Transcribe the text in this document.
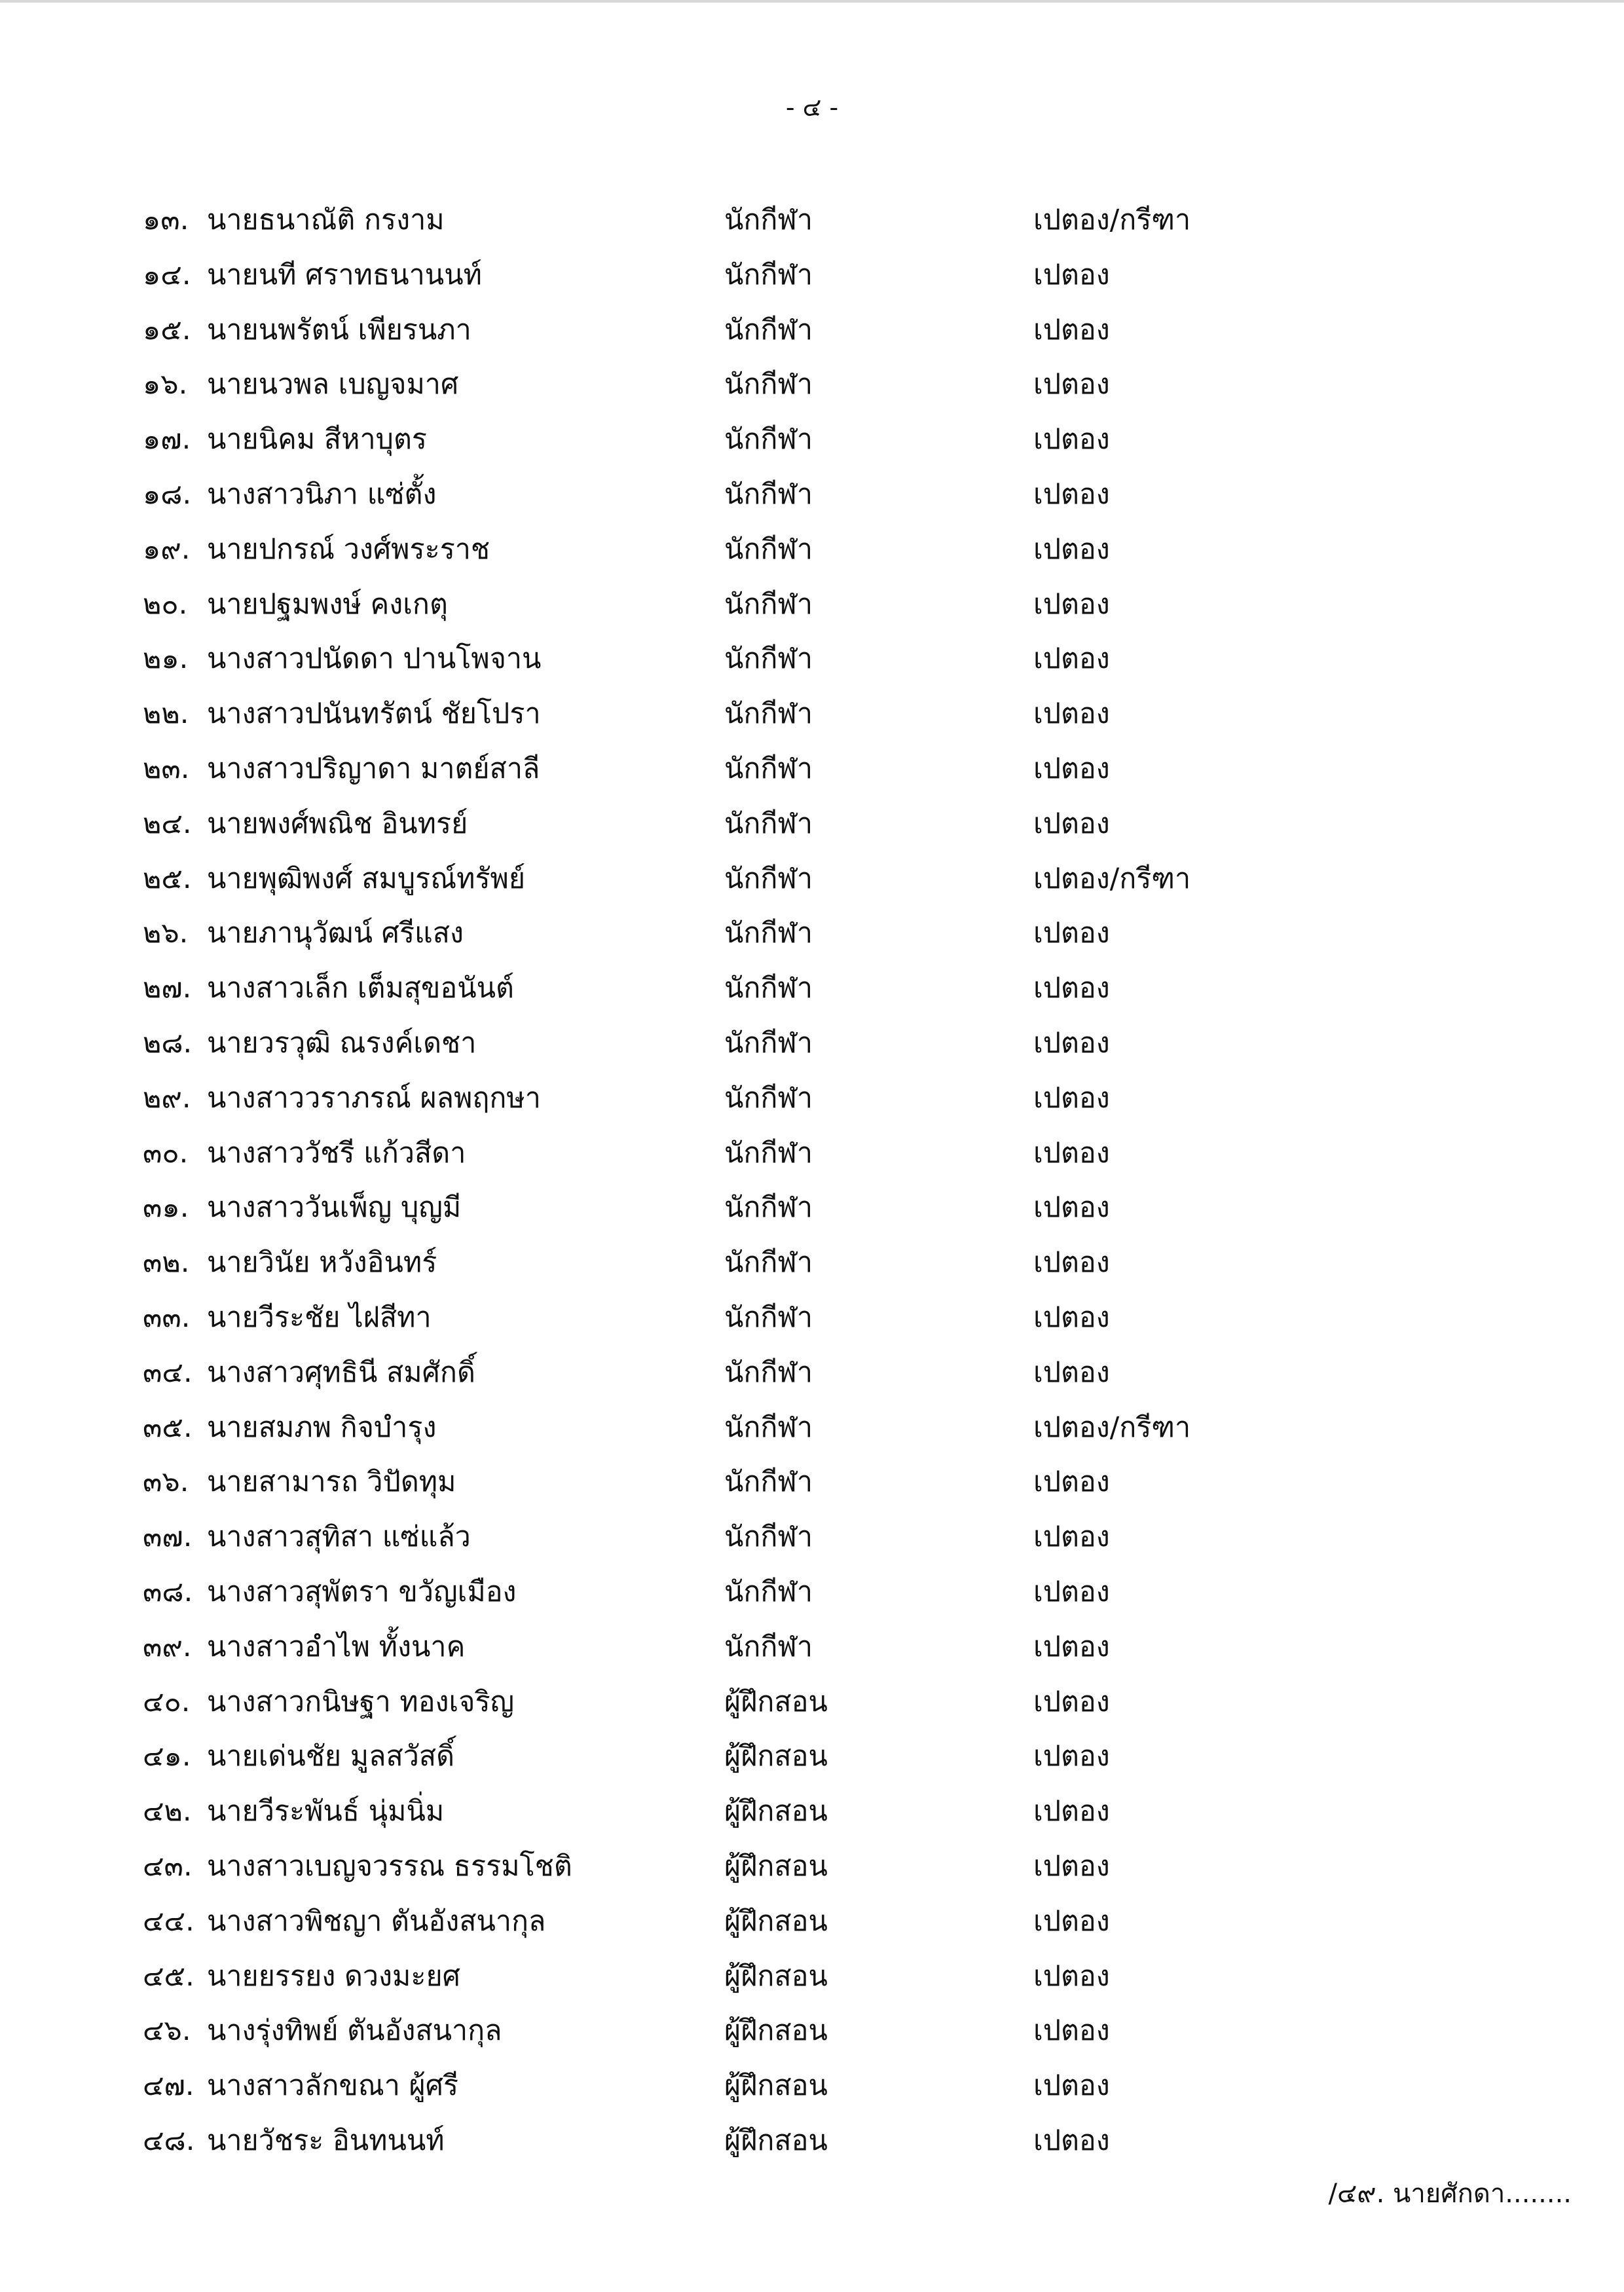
- ๔ -
๑๓. นายธนาณัติ กรงาม	นักกีฬา	เปตอง/กรีฑา
๑๔. นายนที ศราทธนานนท์	นักกีฬา	เปตอง
๑๕. นายนพรัตน์ เพียรนภา	นักกีฬา	เปตอง
๑๖. นายนวพล เบญจมาศ	นักกีฬา	เปตอง
๑๗. นายนิคม สีหาบุตร	นักกีฬา	เปตอง
๑๘. นางสาวนิภา แซ่ตั้ง	นักกีฬา	เปตอง
๑๙. นายปกรณ์ วงศ์พระราช	นักกีฬา	เปตอง
๒๐. นายปฐมพงษ์ คงเกตุ	นักกีฬา	เปตอง
๒๑. นางสาวปนัดดา ปานโพจาน	นักกีฬา	เปตอง
๒๒. นางสาวปนันทรัตน์ ชัยโปรา	นักกีฬา	เปตอง
๒๓. นางสาวปริญาดา มาตย์สาลี	นักกีฬา	เปตอง
๒๔. นายพงศ์พณิช อินทรย์	นักกีฬา	เปตอง
๒๕. นายพุฒิพงศ์ สมบูรณ์ทรัพย์	นักกีฬา	เปตอง/กรีฑา
๒๖. นายภานุวัฒน์ ศรีแสง	นักกีฬา	เปตอง
๒๗. นางสาวเล็ก เต็มสุขอนันต์	นักกีฬา	เปตอง
๒๘. นายวรวุฒิ ณรงค์เดชา	นักกีฬา	เปตอง
๒๙. นางสาววราภรณ์ ผลพฤกษา	นักกีฬา	เปตอง
๓๐. นางสาววัชรี แก้วสีดา	นักกีฬา	เปตอง
๓๑. นางสาววันเพ็ญ บุญมี	นักกีฬา	เปตอง
๓๒. นายวินัย หวังอินทร์	นักกีฬา	เปตอง
๓๓. นายวีระชัย ไฝสีทา	นักกีฬา	เปตอง
๓๔. นางสาวศุทธินี สมศักดิ์	นักกีฬา	เปตอง
๓๕. นายสมภพ กิจบำรุง	นักกีฬา	เปตอง/กรีฑา
๓๖. นายสามารถ วิปัดทุม	นักกีฬา	เปตอง
๓๗. นางสาวสุทิสา แซ่แล้ว	นักกีฬา	เปตอง
๓๘. นางสาวสุพัตรา ขวัญเมือง	นักกีฬา	เปตอง
๓๙. นางสาวอำไพ ทั้งนาค	นักกีฬา	เปตอง
๔๐. นางสาวกนิษฐา ทองเจริญ	ผู้ฝึกสอน	เปตอง
๔๑. นายเด่นชัย มูลสวัสดิ์	ผู้ฝึกสอน	เปตอง
๔๒. นายวีระพันธ์ นุ่มนิ่ม	ผู้ฝึกสอน	เปตอง
๔๓. นางสาวเบญจวรรณ ธรรมโชติ	ผู้ฝึกสอน	เปตอง
๔๔. นางสาวพิชญา ตันอังสนากุล	ผู้ฝึกสอน	เปตอง
๔๕. นายยรรยง ดวงมะยศ	ผู้ฝึกสอน	เปตอง
๔๖. นางรุ่งทิพย์ ตันอังสนากุล	ผู้ฝึกสอน	เปตอง
๔๗. นางสาวลักขณา ผู้ศรี	ผู้ฝึกสอน	เปตอง
๔๘. นายวัชระ อินทนนท์	ผู้ฝึกสอน	เปตอง
/๔๙. นายศักดา........
